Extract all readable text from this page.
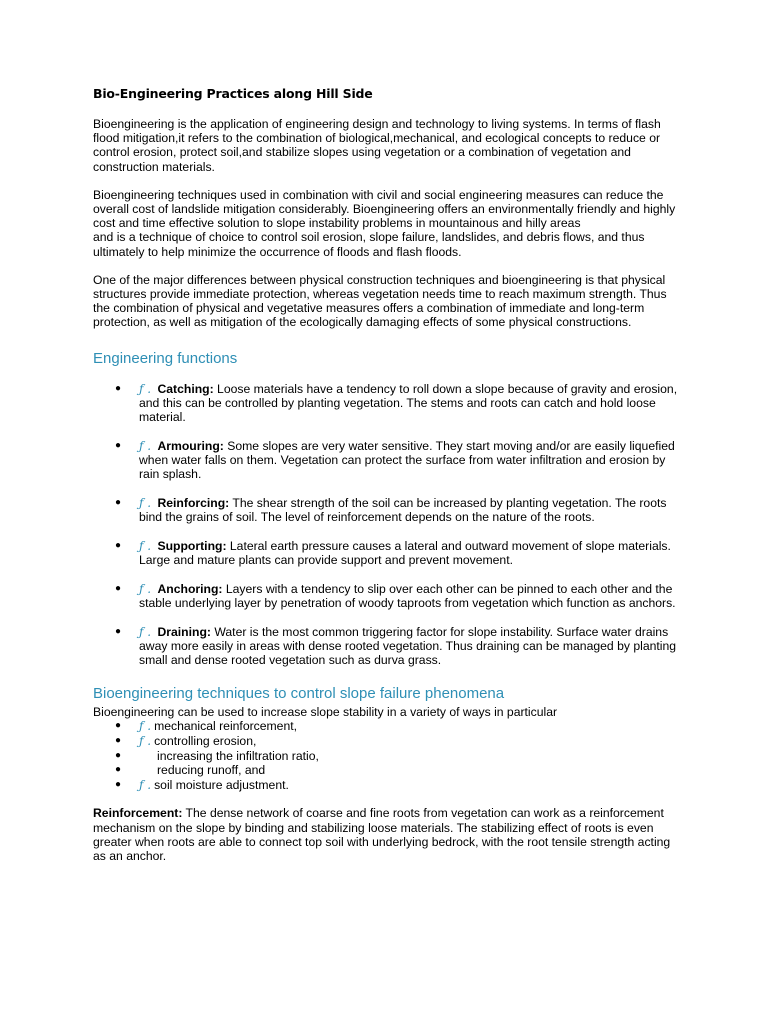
Bio-Engineering Practices along Hill Side

Bioengineering is the application of engineering design and technology to living systems. In terms of flash flood mitigation,it refers to the combination of biological,mechanical, and ecological concepts to reduce or control erosion, protect soil,and stabilize slopes using vegetation or a combination of vegetation and construction materials.

Bioengineering techniques used in combination with civil and social engineering measures can reduce the overall cost of landslide mitigation considerably. Bioengineering offers an environmentally friendly and highly cost and time effective solution to slope instability problems in mountainous and hilly areas
and is a technique of choice to control soil erosion, slope failure, landslides, and debris flows, and thus ultimately to help minimize the occurrence of floods and flash floods.

One of the major differences between physical construction techniques and bioengineering is that physical structures provide immediate protection, whereas vegetation needs time to reach maximum strength. Thus the combination of physical and vegetative measures offers a combination of immediate and long-term protection, as well as mitigation of the ecologically damaging effects of some physical constructions.

Engineering functions
● ƒ . Catching: Loose materials have a tendency to roll down a slope because of gravity and erosion, and this can be controlled by planting vegetation. The stems and roots can catch and hold loose material.
● ƒ . Armouring: Some slopes are very water sensitive. They start moving and/or are easily liquefied when water falls on them. Vegetation can protect the surface from water infiltration and erosion by rain splash.
● ƒ . Reinforcing: The shear strength of the soil can be increased by planting vegetation. The roots bind the grains of soil. The level of reinforcement depends on the nature of the roots.
● ƒ . Supporting: Lateral earth pressure causes a lateral and outward movement of slope materials. Large and mature plants can provide support and prevent movement.
● ƒ . Anchoring: Layers with a tendency to slip over each other can be pinned to each other and the stable underlying layer by penetration of woody taproots from vegetation which function as anchors.
● ƒ . Draining: Water is the most common triggering factor for slope instability. Surface water drains away more easily in areas with dense rooted vegetation. Thus draining can be managed by planting small and dense rooted vegetation such as durva grass.
Bioengineering techniques to control slope failure phenomena

Bioengineering can be used to increase slope stability in a variety of ways in particular

● ƒ . mechanical reinforcement,
● ƒ . controlling erosion,
●	increasing the infiltration ratio,
●	reducing runoff, and
● ƒ . soil moisture adjustment.

Reinforcement: The dense network of coarse and fine roots from vegetation can work as a reinforcement mechanism on the slope by binding and stabilizing loose materials. The stabilizing effect of roots is even greater when roots are able to connect top soil with underlying bedrock, with the root tensile strength acting as an anchor.
